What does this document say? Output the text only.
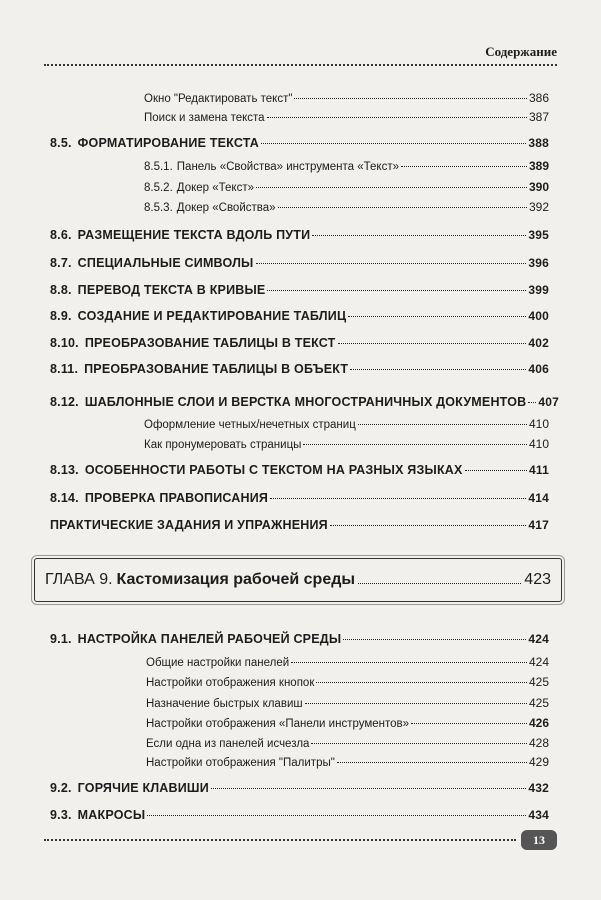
Содержание
Окно "Редактировать текст"	386
Поиск и замена текста	387
8.5. ФОРМАТИРОВАНИЕ ТЕКСТА	388
8.5.1. Панель «Свойства» инструмента «Текст»	389
8.5.2. Докер «Текст»	390
8.5.3. Докер «Свойства»	392
8.6. РАЗМЕЩЕНИЕ ТЕКСТА ВДОЛЬ ПУТИ	395
8.7. СПЕЦИАЛЬНЫЕ СИМВОЛЫ	396
8.8. ПЕРЕВОД ТЕКСТА В КРИВЫЕ	399
8.9. СОЗДАНИЕ И РЕДАКТИРОВАНИЕ ТАБЛИЦ	400
8.10. ПРЕОБРАЗОВАНИЕ ТАБЛИЦЫ В ТЕКСТ	402
8.11. ПРЕОБРАЗОВАНИЕ ТАБЛИЦЫ В ОБЪЕКТ	406
8.12. ШАБЛОННЫЕ СЛОИ И ВЕРСТКА МНОГОСТРАНИЧНЫХ ДОКУМЕНТОВ 407
Оформление четных/нечетных страниц	410
Как пронумеровать страницы	410
8.13. ОСОБЕННОСТИ РАБОТЫ С ТЕКСТОМ НА РАЗНЫХ ЯЗЫКАХ	411
8.14. ПРОВЕРКА ПРАВОПИСАНИЯ	414
ПРАКТИЧЕСКИЕ ЗАДАНИЯ И УПРАЖНЕНИЯ	417
ГЛАВА 9. Кастомизация рабочей среды	423
9.1. НАСТРОЙКА ПАНЕЛЕЙ РАБОЧЕЙ СРЕДЫ	424
Общие настройки панелей	424
Настройки отображения кнопок	425
Назначение быстрых клавиш	425
Настройки отображения «Панели инструментов»	426
Если одна из панелей исчезла	428
Настройки отображения "Палитры"	429
9.2. ГОРЯЧИЕ КЛАВИШИ	432
9.3. МАКРОСЫ	434
13
